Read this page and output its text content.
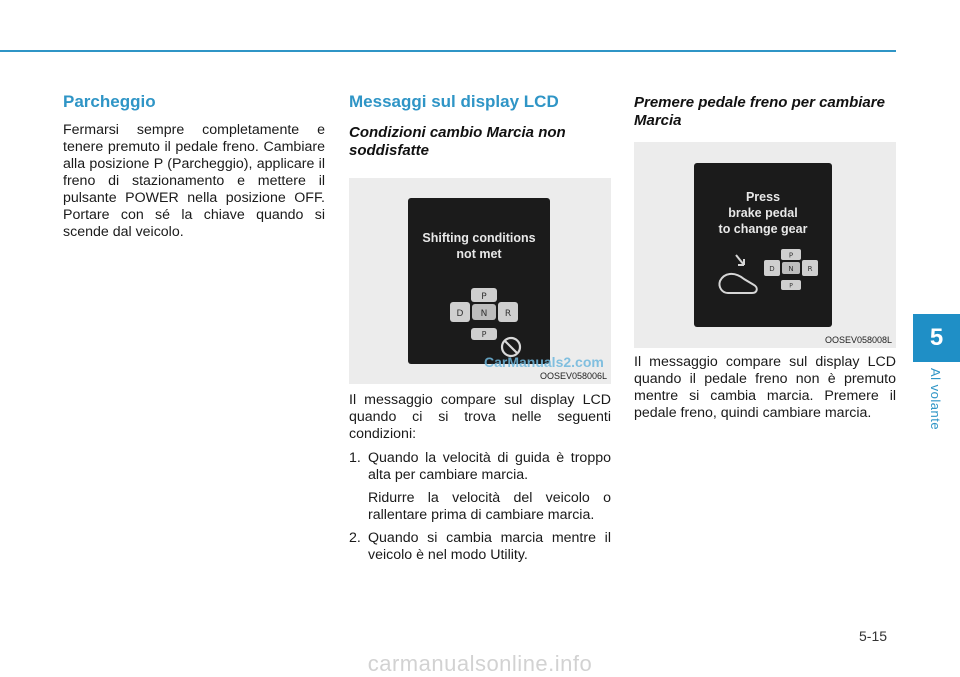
5
Al volante
Parcheggio

Fermarsi sempre completamente e tenere premuto il pedale freno. Cambiare alla posizione P (Parcheggio), applicare il freno di stazionamento e mettere il pulsante POWER nella posizione OFF. Portare con sé la chiave quando si scende dal veicolo.

Messaggi sul display LCD
Condizioni cambio Marcia non soddisfatte
Shifting conditions
not met
P
D N R
P
CarManuals2.com
OOSEV058006L

Il messaggio compare sul display LCD quando ci si trova nelle seguenti condizioni:

1. Quando la velocità di guida è troppo alta per cambiare marcia.
Ridurre la velocità del veicolo o rallentare prima di cambiare marcia.
2. Quando si cambia marcia mentre il veicolo è nel modo Utility.
Premere pedale freno per cambiare Marcia
Press
brake pedal
to change gear
P
D N R
P
OOSEV058008L

Il messaggio compare sul display LCD quando il pedale freno non è premuto mentre si cambia marcia. Premere il pedale freno, quindi cambiare marcia.

5-15
carmanualsonline.info
